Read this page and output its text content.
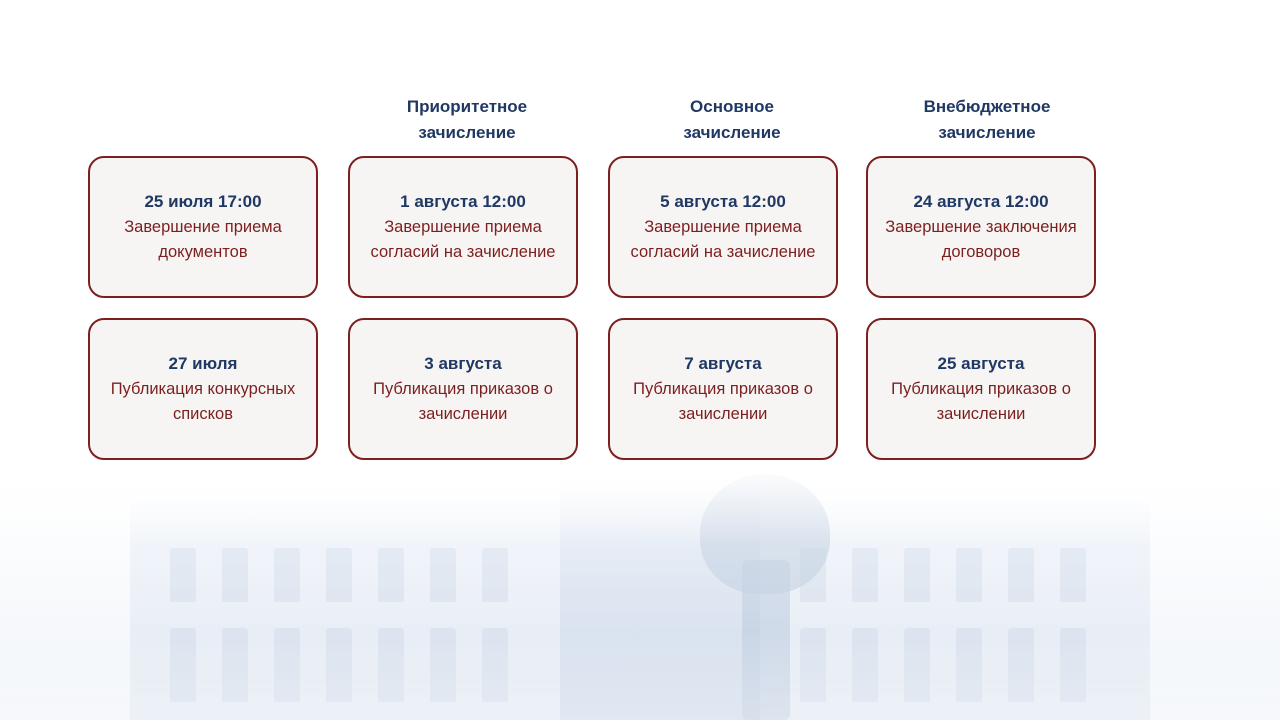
Приоритетное
зачисление
Основное
зачисление
Внебюджетное
зачисление
25 июля 17:00
Завершение приема документов
1 августа 12:00
Завершение приема согласий на зачисление
5 августа 12:00
Завершение приема согласий на зачисление
24 августа 12:00
Завершение заключения договоров
27 июля
Публикация конкурсных списков
3 августа
Публикация приказов о зачислении
7 августа
Публикация приказов о зачислении
25 августа
Публикация приказов о зачислении
